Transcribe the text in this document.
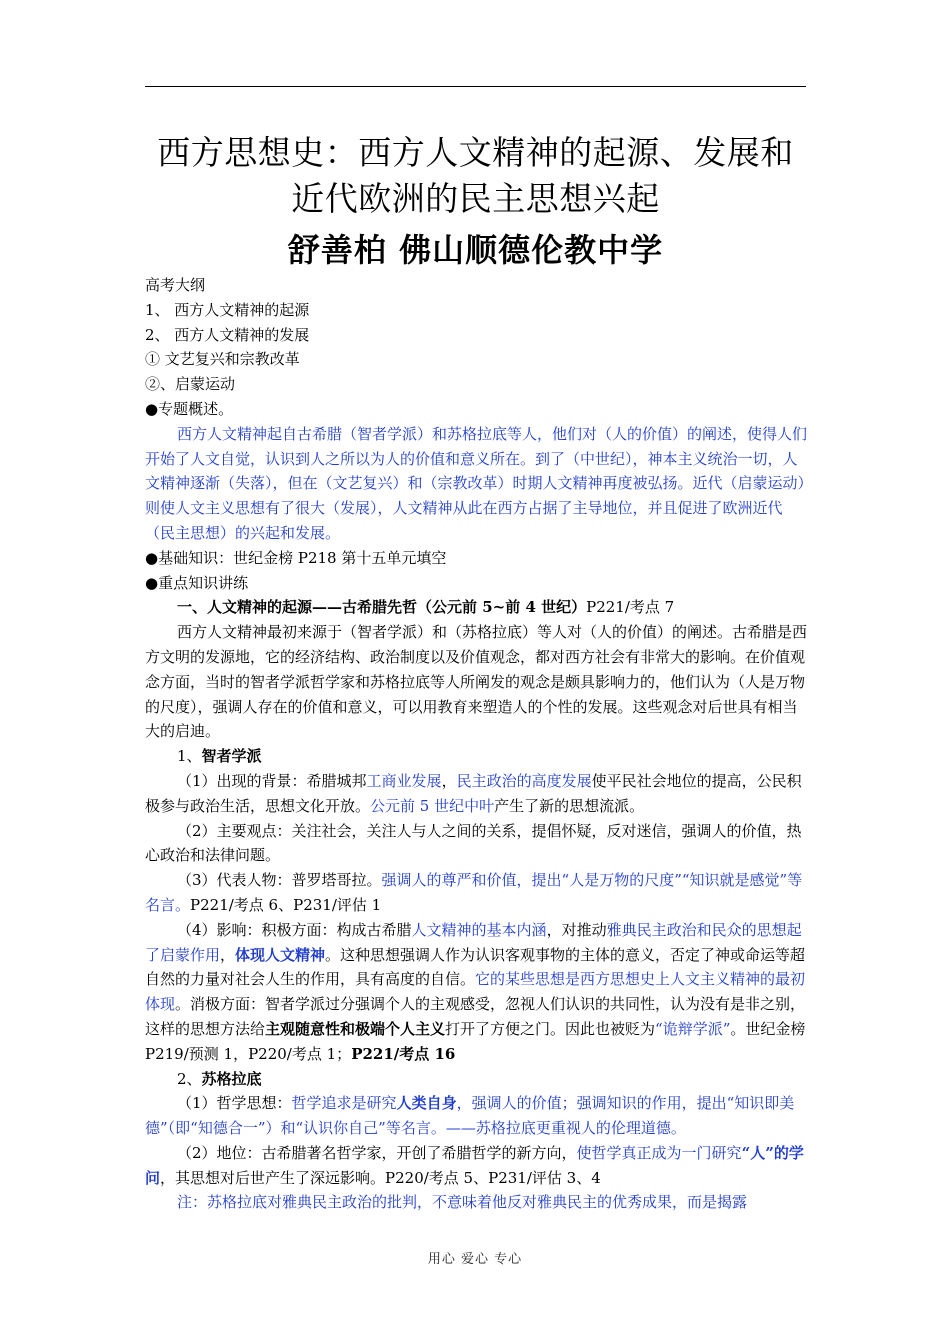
西方思想史：西方人文精神的起源、发展和
近代欧洲的民主思想兴起
舒善柏 佛山顺德伦教中学

高考大纲

1、 西方人文精神的起源

2、 西方人文精神的发展

① 文艺复兴和宗教改革

②、启蒙运动

●专题概述。

西方人文精神起自古希腊（智者学派）和苏格拉底等人，他们对（人的价值）的阐述，使得人们开始了人文自觉，认识到人之所以为人的价值和意义所在。到了（中世纪），神本主义统治一切，人文精神逐渐（失落），但在（文艺复兴）和（宗教改革）时期人文精神再度被弘扬。近代（启蒙运动）则使人文主义思想有了很大（发展），人文精神从此在西方占据了主导地位，并且促进了欧洲近代（民主思想）的兴起和发展。

●基础知识：世纪金榜 P218 第十五单元填空

●重点知识讲练

一、人文精神的起源——古希腊先哲（公元前 5~前 4 世纪）P221/考点 7

西方人文精神最初来源于（智者学派）和（苏格拉底）等人对（人的价值）的阐述。古希腊是西方文明的发源地，它的经济结构、政治制度以及价值观念，都对西方社会有非常大的影响。在价值观念方面，当时的智者学派哲学家和苏格拉底等人所阐发的观念是颇具影响力的，他们认为（人是万物的尺度），强调人存在的价值和意义，可以用教育来塑造人的个性的发展。这些观念对后世具有相当大的启迪。

1、智者学派

（1）出现的背景：希腊城邦工商业发展，民主政治的高度发展使平民社会地位的提高，公民积极参与政治生活，思想文化开放。公元前 5 世纪中叶产生了新的思想流派。

（2）主要观点：关注社会，关注人与人之间的关系，提倡怀疑，反对迷信，强调人的价值，热心政治和法律问题。

（3）代表人物：普罗塔哥拉。强调人的尊严和价值，提出“人是万物的尺度”“知识就是感觉”等名言。P221/考点 6、P231/评估 1

（4）影响：积极方面：构成古希腊人文精神的基本内涵，对推动雅典民主政治和民众的思想起了启蒙作用，体现人文精神。这种思想强调人作为认识客观事物的主体的意义，否定了神或命运等超自然的力量对社会人生的作用，具有高度的自信。它的某些思想是西方思想史上人文主义精神的最初体现。消极方面：智者学派过分强调个人的主观感受，忽视人们认识的共同性，认为没有是非之别，这样的思想方法给主观随意性和极端个人主义打开了方便之门。因此也被贬为“诡辩学派”。世纪金榜 P219/预测 1，P220/考点 1；P221/考点 16

2、苏格拉底

（1）哲学思想：哲学追求是研究人类自身，强调人的价值；强调知识的作用，提出“知识即美德”（即“知德合一”）和“认识你自己”等名言。——苏格拉底更重视人的伦理道德。

（2）地位：古希腊著名哲学家，开创了希腊哲学的新方向，使哲学真正成为一门研究“人”的学问，其思想对后世产生了深远影响。P220/考点 5、P231/评估 3、4

注：苏格拉底对雅典民主政治的批判，不意味着他反对雅典民主的优秀成果，而是揭露

用心 爱心 专心
